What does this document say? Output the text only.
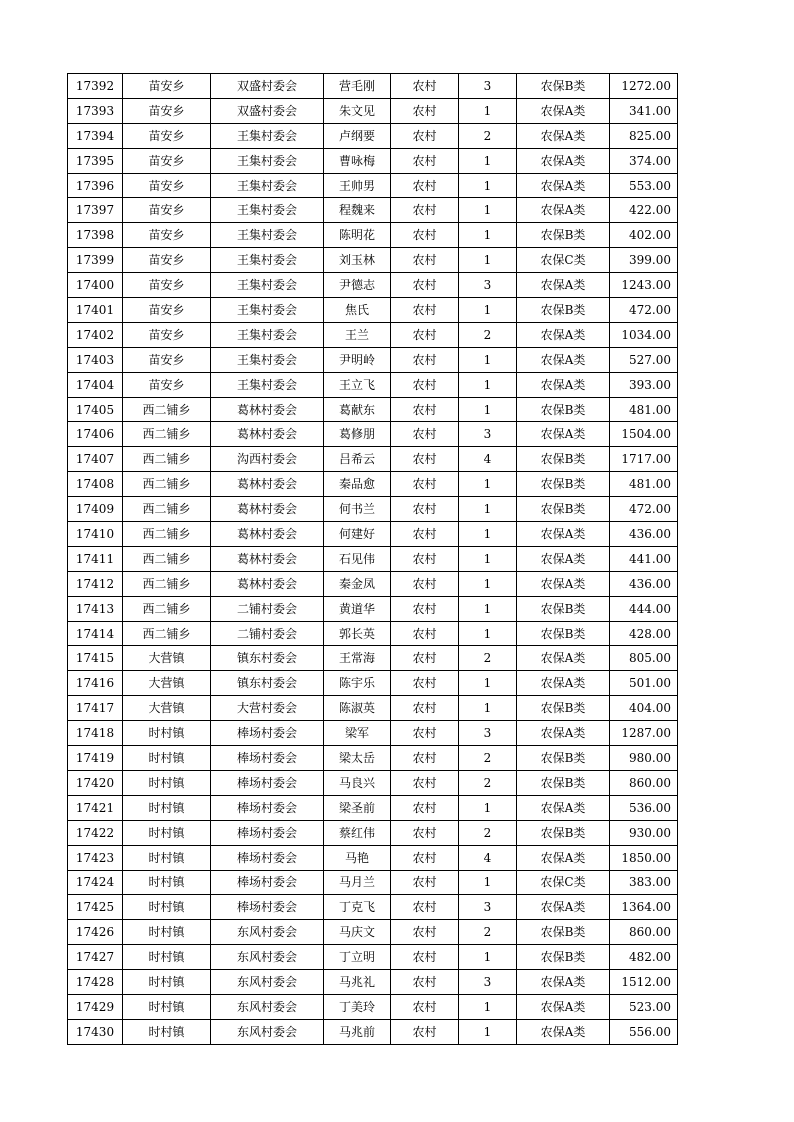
17392	苗安乡	双盛村委会	营毛刚	农村	3	农保B类	1272.00
17393	苗安乡	双盛村委会	朱文见	农村	1	农保A类	341.00
17394	苗安乡	王集村委会	卢纲要	农村	2	农保A类	825.00
17395	苗安乡	王集村委会	曹咏梅	农村	1	农保A类	374.00
17396	苗安乡	王集村委会	王帅男	农村	1	农保A类	553.00
17397	苗安乡	王集村委会	程魏来	农村	1	农保A类	422.00
17398	苗安乡	王集村委会	陈明花	农村	1	农保B类	402.00
17399	苗安乡	王集村委会	刘玉林	农村	1	农保C类	399.00
17400	苗安乡	王集村委会	尹德志	农村	3	农保A类	1243.00
17401	苗安乡	王集村委会	焦氏	农村	1	农保B类	472.00
17402	苗安乡	王集村委会	王兰	农村	2	农保A类	1034.00
17403	苗安乡	王集村委会	尹明岭	农村	1	农保A类	527.00
17404	苗安乡	王集村委会	王立飞	农村	1	农保A类	393.00
17405	西二铺乡	葛林村委会	葛献东	农村	1	农保B类	481.00
17406	西二铺乡	葛林村委会	葛修朋	农村	3	农保A类	1504.00
17407	西二铺乡	沟西村委会	吕希云	农村	4	农保B类	1717.00
17408	西二铺乡	葛林村委会	秦品愈	农村	1	农保B类	481.00
17409	西二铺乡	葛林村委会	何书兰	农村	1	农保B类	472.00
17410	西二铺乡	葛林村委会	何建好	农村	1	农保A类	436.00
17411	西二铺乡	葛林村委会	石见伟	农村	1	农保A类	441.00
17412	西二铺乡	葛林村委会	秦金凤	农村	1	农保A类	436.00
17413	西二铺乡	二铺村委会	黄道华	农村	1	农保B类	444.00
17414	西二铺乡	二铺村委会	郭长英	农村	1	农保B类	428.00
17415	大营镇	镇东村委会	王常海	农村	2	农保A类	805.00
17416	大营镇	镇东村委会	陈宇乐	农村	1	农保A类	501.00
17417	大营镇	大营村委会	陈淑英	农村	1	农保B类	404.00
17418	时村镇	棒场村委会	梁军	农村	3	农保A类	1287.00
17419	时村镇	棒场村委会	梁太岳	农村	2	农保B类	980.00
17420	时村镇	棒场村委会	马良兴	农村	2	农保B类	860.00
17421	时村镇	棒场村委会	梁圣前	农村	1	农保A类	536.00
17422	时村镇	棒场村委会	蔡红伟	农村	2	农保B类	930.00
17423	时村镇	棒场村委会	马艳	农村	4	农保A类	1850.00
17424	时村镇	棒场村委会	马月兰	农村	1	农保C类	383.00
17425	时村镇	棒场村委会	丁克飞	农村	3	农保A类	1364.00
17426	时村镇	东风村委会	马庆文	农村	2	农保B类	860.00
17427	时村镇	东风村委会	丁立明	农村	1	农保B类	482.00
17428	时村镇	东风村委会	马兆礼	农村	3	农保A类	1512.00
17429	时村镇	东风村委会	丁美玲	农村	1	农保A类	523.00
17430	时村镇	东风村委会	马兆前	农村	1	农保A类	556.00
